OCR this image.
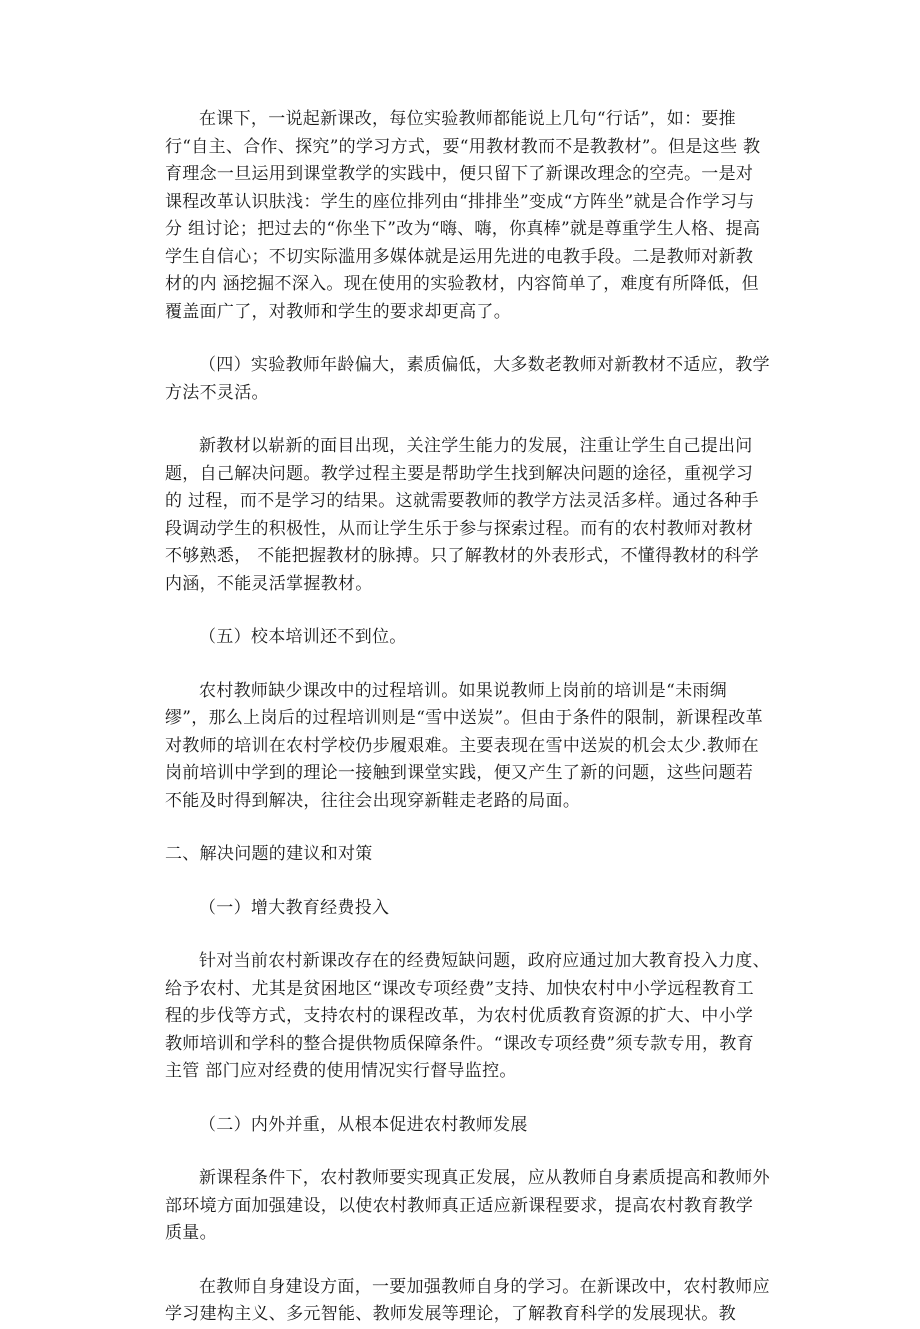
在课下，一说起新课改，每位实验教师都能说上几句“行话”，如：要推行“自主、合作、探究”的学习方式，要“用教材教而不是教教材”。但是这些 教育理念一旦运用到课堂教学的实践中，便只留下了新课改理念的空壳。一是对课程改革认识肤浅：学生的座位排列由“排排坐”变成“方阵坐”就是合作学习与分 组讨论；把过去的“你坐下”改为“嗨、嗨，你真棒”就是尊重学生人格、提高学生自信心；不切实际滥用多媒体就是运用先进的电教手段。二是教师对新教材的内 涵挖掘不深入。现在使用的实验教材，内容简单了，难度有所降低，但覆盖面广了，对教师和学生的要求却更高了。

（四）实验教师年龄偏大，素质偏低，大多数老教师对新教材不适应，教学方法不灵活。

新教材以崭新的面目出现，关注学生能力的发展，注重让学生自己提出问题，自己解决问题。教学过程主要是帮助学生找到解决问题的途径，重视学习的 过程，而不是学习的结果。这就需要教师的教学方法灵活多样。通过各种手段调动学生的积极性，从而让学生乐于参与探索过程。而有的农村教师对教材不够熟悉， 不能把握教材的脉搏。只了解教材的外表形式，不懂得教材的科学内涵，不能灵活掌握教材。

（五）校本培训还不到位。

农村教师缺少课改中的过程培训。如果说教师上岗前的培训是“未雨绸缪”，那么上岗后的过程培训则是“雪中送炭”。但由于条件的限制，新课程改革 对教师的培训在农村学校仍步履艰难。主要表现在雪中送炭的机会太少.教师在岗前培训中学到的理论一接触到课堂实践，便又产生了新的问题，这些问题若不能及时得到解决，往往会出现穿新鞋走老路的局面。

二、解决问题的建议和对策

（一）增大教育经费投入

针对当前农村新课改存在的经费短缺问题，政府应通过加大教育投入力度、给予农村、尤其是贫困地区“课改专项经费”支持、加快农村中小学远程教育工程的步伐等方式，支持农村的课程改革，为农村优质教育资源的扩大、中小学教师培训和学科的整合提供物质保障条件。“课改专项经费”须专款专用，教育主管 部门应对经费的使用情况实行督导监控。

（二）内外并重，从根本促进农村教师发展

新课程条件下，农村教师要实现真正发展，应从教师自身素质提高和教师外部环境方面加强建设，以使农村教师真正适应新课程要求，提高农村教育教学质量。

在教师自身建设方面，一要加强教师自身的学习。在新课改中，农村教师应学习建构主义、多元智能、教师发展等理论，了解教育科学的发展现状。教
